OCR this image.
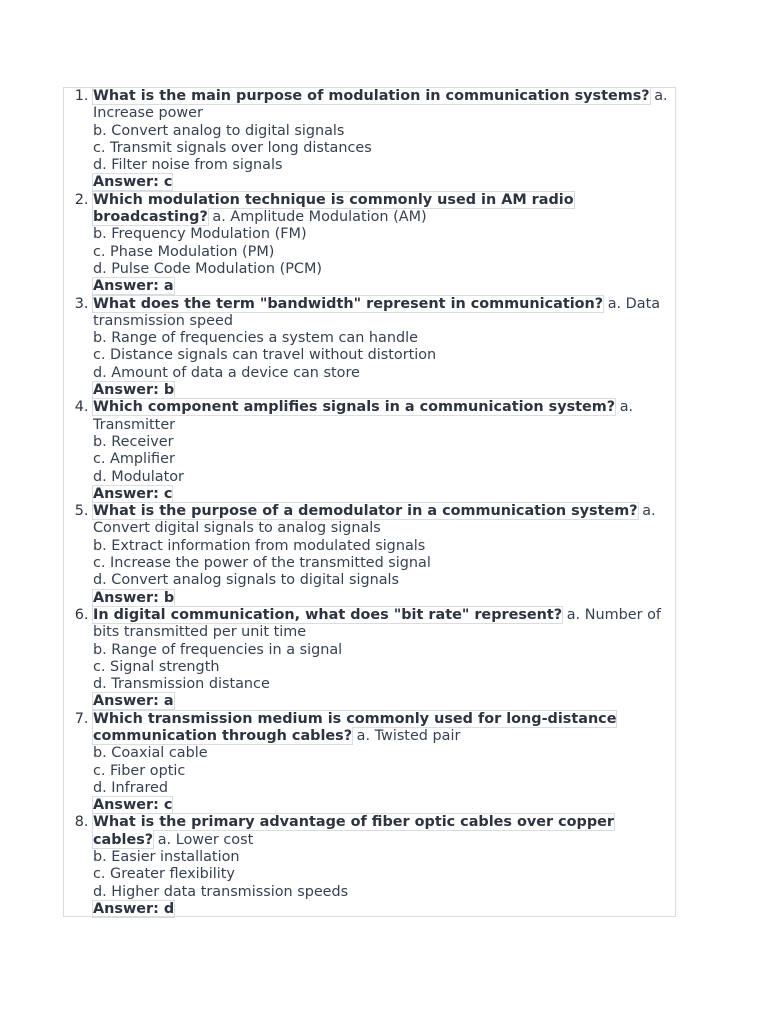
1. What is the main purpose of modulation in communication systems? a. Increase power
b. Convert analog to digital signals
c. Transmit signals over long distances
d. Filter noise from signals
Answer: c
2. Which modulation technique is commonly used in AM radio broadcasting? a. Amplitude Modulation (AM)
b. Frequency Modulation (FM)
c. Phase Modulation (PM)
d. Pulse Code Modulation (PCM)
Answer: a
3. What does the term "bandwidth" represent in communication? a. Data transmission speed
b. Range of frequencies a system can handle
c. Distance signals can travel without distortion
d. Amount of data a device can store
Answer: b
4. Which component amplifies signals in a communication system? a. Transmitter
b. Receiver
c. Amplifier
d. Modulator
Answer: c
5. What is the purpose of a demodulator in a communication system? a. Convert digital signals to analog signals
b. Extract information from modulated signals
c. Increase the power of the transmitted signal
d. Convert analog signals to digital signals
Answer: b
6. In digital communication, what does "bit rate" represent? a. Number of bits transmitted per unit time
b. Range of frequencies in a signal
c. Signal strength
d. Transmission distance
Answer: a
7. Which transmission medium is commonly used for long-distance communication through cables? a. Twisted pair
b. Coaxial cable
c. Fiber optic
d. Infrared
Answer: c
8. What is the primary advantage of fiber optic cables over copper cables? a. Lower cost
b. Easier installation
c. Greater flexibility
d. Higher data transmission speeds
Answer: d
